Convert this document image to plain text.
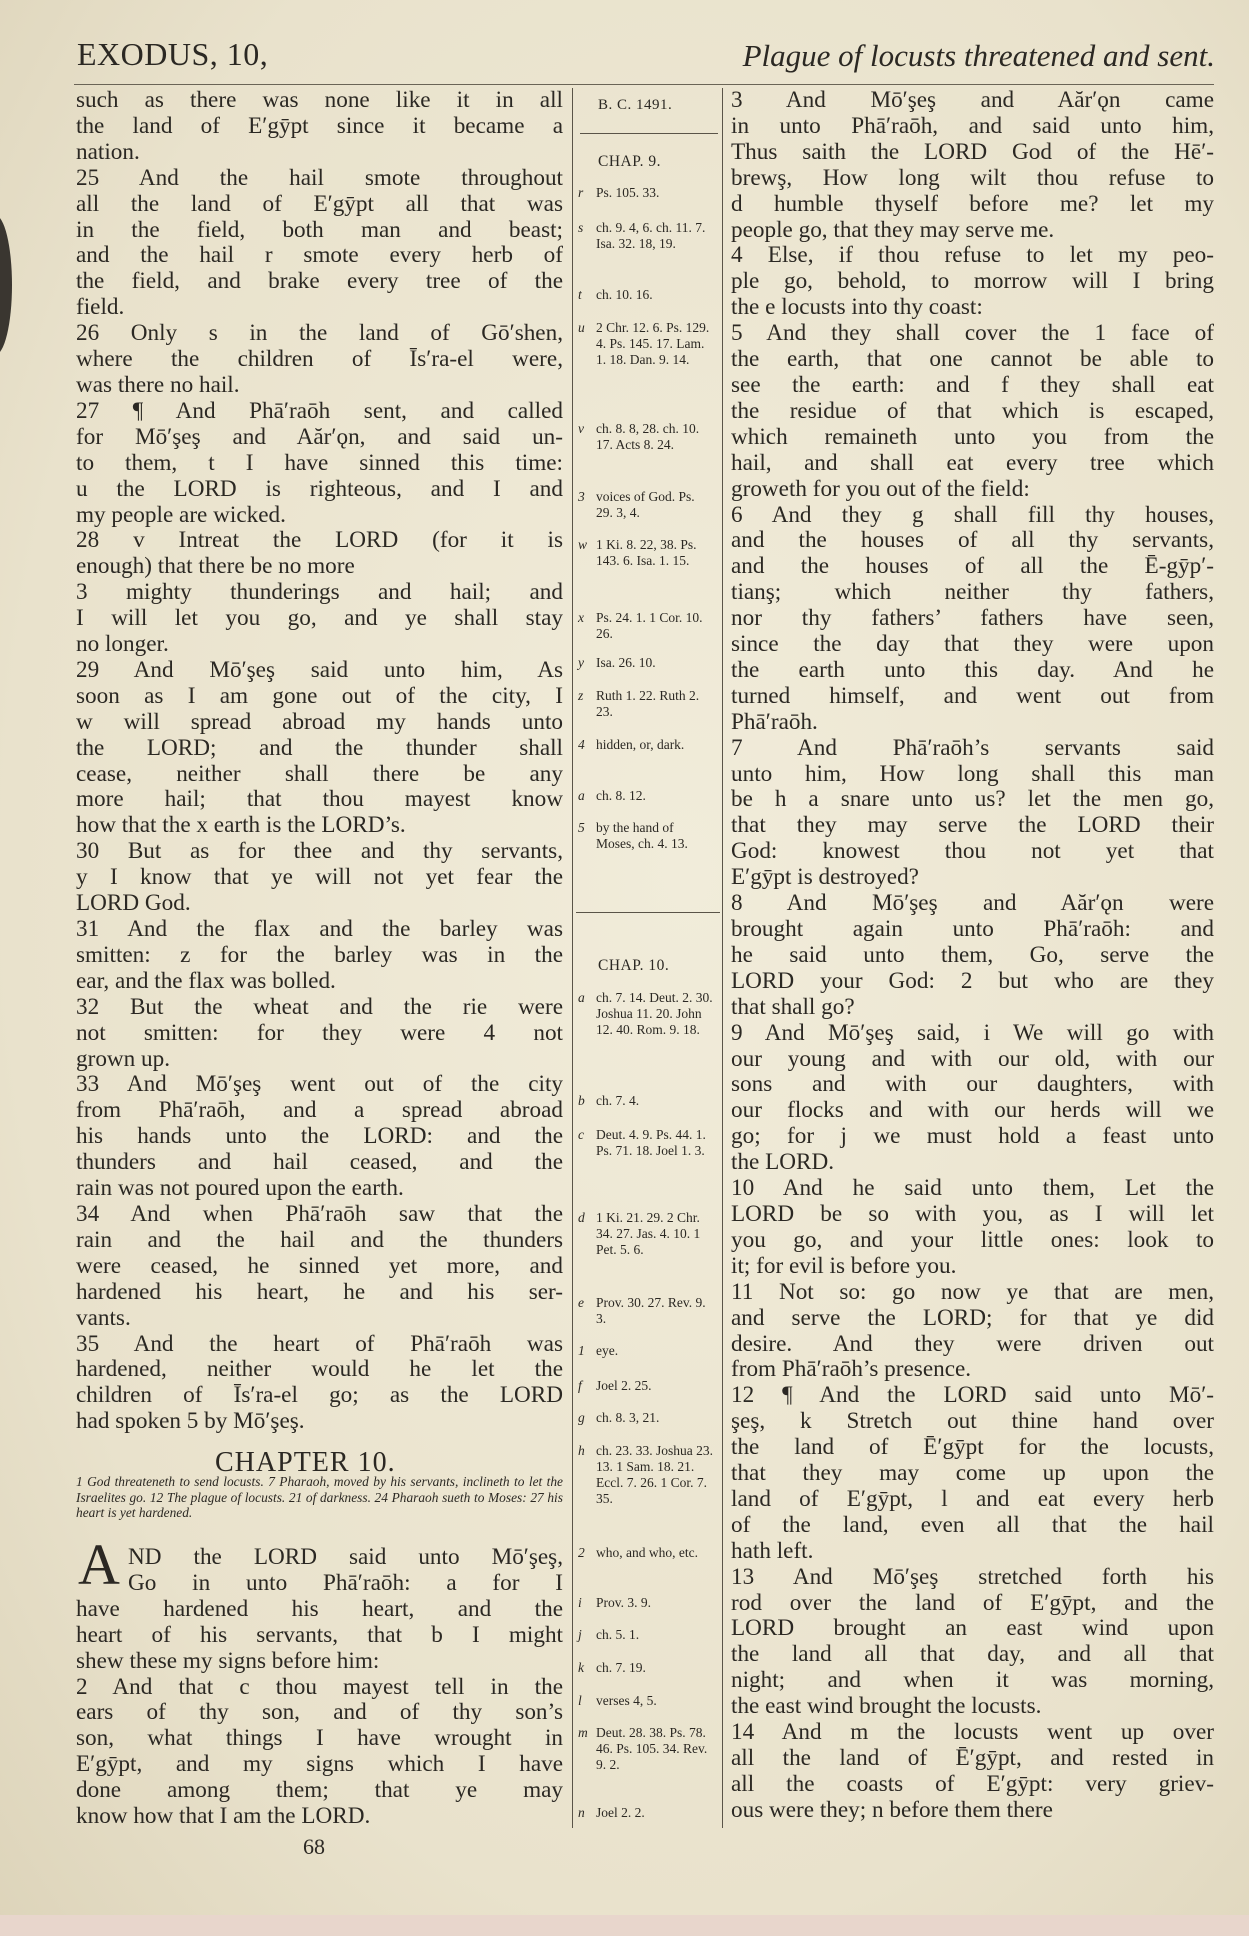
EXODUS, 10,	Plague of locusts threatened and sent.

such as there was none like it in all

the land of E′gȳpt since it became a

nation.

25 And the hail smote throughout

all the land of E′gȳpt all that was

in the field, both man and beast;

and the hail r smote every herb of

the field, and brake every tree of the

field.

26 Only s in the land of Gō′shen,

where the children of Īs′ra-el were,

was there no hail.

27 ¶ And Phā′raōh sent, and called

for Mō′şeş and Aăr′ǫn, and said un-

to them, t I have sinned this time:

u the LORD is righteous, and I and

my people are wicked.

28 v Intreat the LORD (for it is

enough) that there be no more

3 mighty thunderings and hail; and

I will let you go, and ye shall stay

no longer.

29 And Mō′şeş said unto him, As

soon as I am gone out of the city, I

w will spread abroad my hands unto

the LORD; and the thunder shall

cease, neither shall there be any

more hail; that thou mayest know

how that the x earth is the LORD’s.

30 But as for thee and thy servants,

y I know that ye will not yet fear the

LORD God.

31 And the flax and the barley was

smitten: z for the barley was in the

ear, and the flax was bolled.

32 But the wheat and the rie were

not smitten: for they were 4 not

grown up.

33 And Mō′şeş went out of the city

from Phā′raōh, and a spread abroad

his hands unto the LORD: and the

thunders and hail ceased, and the

rain was not poured upon the earth.

34 And when Phā′raōh saw that the

rain and the hail and the thunders

were ceased, he sinned yet more, and

hardened his heart, he and his ser-

vants.

35 And the heart of Phā′raōh was

hardened, neither would he let the

children of Īs′ra-el go; as the LORD

had spoken 5 by Mō′şeş.

B. C. 1491.
CHAP. 9.
r Ps. 105. 33.
s ch. 9. 4, 6. ch. 11. 7. Isa. 32. 18, 19.
t ch. 10. 16.
u 2 Chr. 12. 6. Ps. 129. 4. Ps. 145. 17. Lam. 1. 18. Dan. 9. 14.
v ch. 8. 8, 28. ch. 10. 17. Acts 8. 24.
3 voices of God. Ps. 29. 3, 4.
w 1 Ki. 8. 22, 38. Ps. 143. 6. Isa. 1. 15.
x Ps. 24. 1. 1 Cor. 10. 26.
y Isa. 26. 10.
z Ruth 1. 22. Ruth 2. 23.
4 hidden, or, dark.
a ch. 8. 12.
5 by the hand of Moses, ch. 4. 13.
CHAP. 10.
a ch. 7. 14. Deut. 2. 30. Joshua 11. 20. John 12. 40. Rom. 9. 18.
b ch. 7. 4.
c Deut. 4. 9. Ps. 44. 1. Ps. 71. 18. Joel 1. 3.
d 1 Ki. 21. 29. 2 Chr. 34. 27. Jas. 4. 10. 1 Pet. 5. 6.
e Prov. 30. 27. Rev. 9. 3.
1 eye.
f Joel 2. 25.
g ch. 8. 3, 21.
h ch. 23. 33. Joshua 23. 13. 1 Sam. 18. 21. Eccl. 7. 26. 1 Cor. 7. 35.
2 who, and who, etc.
i Prov. 3. 9.
j ch. 5. 1.
k ch. 7. 19.
l verses 4, 5.
m Deut. 28. 38. Ps. 78. 46. Ps. 105. 34. Rev. 9. 2.
n Joel 2. 2.
CHAPTER 10.
1 God threateneth to send locusts. 7 Pharaoh, moved by his servants, inclineth to let the Israelites go. 12 The plague of locusts. 21 of darkness. 24 Pharaoh sueth to Moses: 27 his heart is yet hardened.
A ND the LORD said unto Mō′şeş,

Go in unto Phā′raōh: a for I

have hardened his heart, and the

heart of his servants, that b I might

shew these my signs before him:

2 And that c thou mayest tell in the

ears of thy son, and of thy son’s

son, what things I have wrought in

E′gȳpt, and my signs which I have

done among them; that ye may

know how that I am the LORD.

3 And Mō′şeş and Aăr′ǫn came

in unto Phā′raōh, and said unto him,

Thus saith the LORD God of the Hē′-

brewş, How long wilt thou refuse to

d humble thyself before me? let my

people go, that they may serve me.

4 Else, if thou refuse to let my peo-

ple go, behold, to morrow will I bring

the e locusts into thy coast:

5 And they shall cover the 1 face of

the earth, that one cannot be able to

see the earth: and f they shall eat

the residue of that which is escaped,

which remaineth unto you from the

hail, and shall eat every tree which

groweth for you out of the field:

6 And they g shall fill thy houses,

and the houses of all thy servants,

and the houses of all the Ē-gȳp′-

tianş; which neither thy fathers,

nor thy fathers’ fathers have seen,

since the day that they were upon

the earth unto this day. And he

turned himself, and went out from

Phā′raōh.

7 And Phā′raōh’s servants said

unto him, How long shall this man

be h a snare unto us? let the men go,

that they may serve the LORD their

God: knowest thou not yet that

E′gȳpt is destroyed?

8 And Mō′şeş and Aăr′ǫn were

brought again unto Phā′raōh: and

he said unto them, Go, serve the

LORD your God: 2 but who are they

that shall go?

9 And Mō′şeş said, i We will go with

our young and with our old, with our

sons and with our daughters, with

our flocks and with our herds will we

go; for j we must hold a feast unto

the LORD.

10 And he said unto them, Let the

LORD be so with you, as I will let

you go, and your little ones: look to

it; for evil is before you.

11 Not so: go now ye that are men,

and serve the LORD; for that ye did

desire. And they were driven out

from Phā′raōh’s presence.

12 ¶ And the LORD said unto Mō′-

şeş, k Stretch out thine hand over

the land of Ē′gȳpt for the locusts,

that they may come up upon the

land of E′gȳpt, l and eat every herb

of the land, even all that the hail

hath left.

13 And Mō′şeş stretched forth his

rod over the land of E′gȳpt, and the

LORD brought an east wind upon

the land all that day, and all that

night; and when it was morning,

the east wind brought the locusts.

14 And m the locusts went up over

all the land of Ē′gȳpt, and rested in

all the coasts of E′gȳpt: very griev-

ous were they; n before them there

68
